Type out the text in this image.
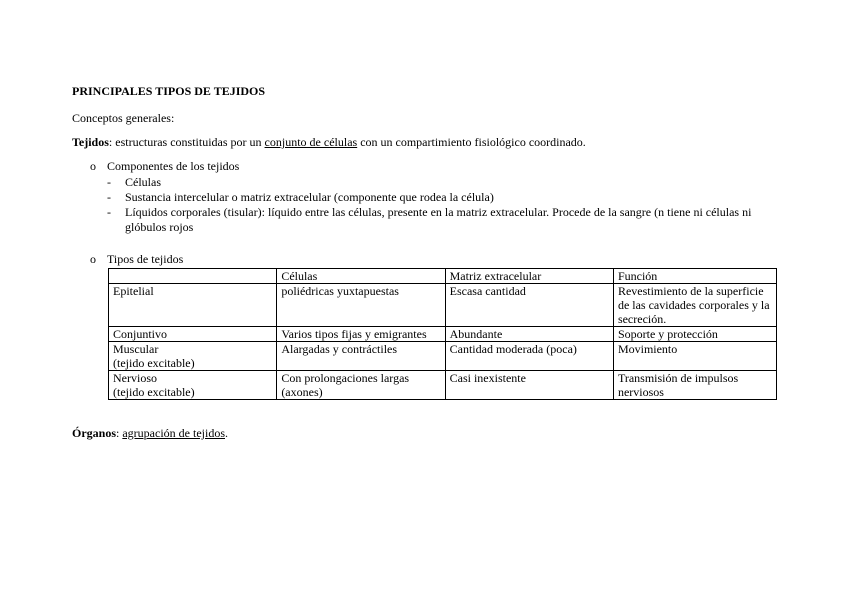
PRINCIPALES TIPOS DE TEJIDOS

Conceptos generales:

Tejidos: estructuras constituidas por un conjunto de células con un compartimiento fisiológico coordinado.

o Componentes de los tejidos
- Células
- Sustancia intercelular o matriz extracelular (componente que rodea la célula)
- Líquidos corporales (tisular): líquido entre las células, presente en la matriz extracelular. Procede de la sangre (n tiene ni células ni glóbulos rojos
o Tipos de tejidos
	Células	Matriz extracelular	Función
Epitelial	poliédricas yuxtapuestas	Escasa cantidad	Revestimiento de la superficie de las cavidades corporales y la secreción.
Conjuntivo	Varios tipos fijas y emigrantes	Abundante	Soporte y protección
Muscular
(tejido excitable)	Alargadas y contráctiles	Cantidad moderada (poca)	Movimiento
Nervioso
(tejido excitable)	Con prolongaciones largas (axones)	Casi inexistente	Transmisión de impulsos nerviosos

Órganos: agrupación de tejidos.
